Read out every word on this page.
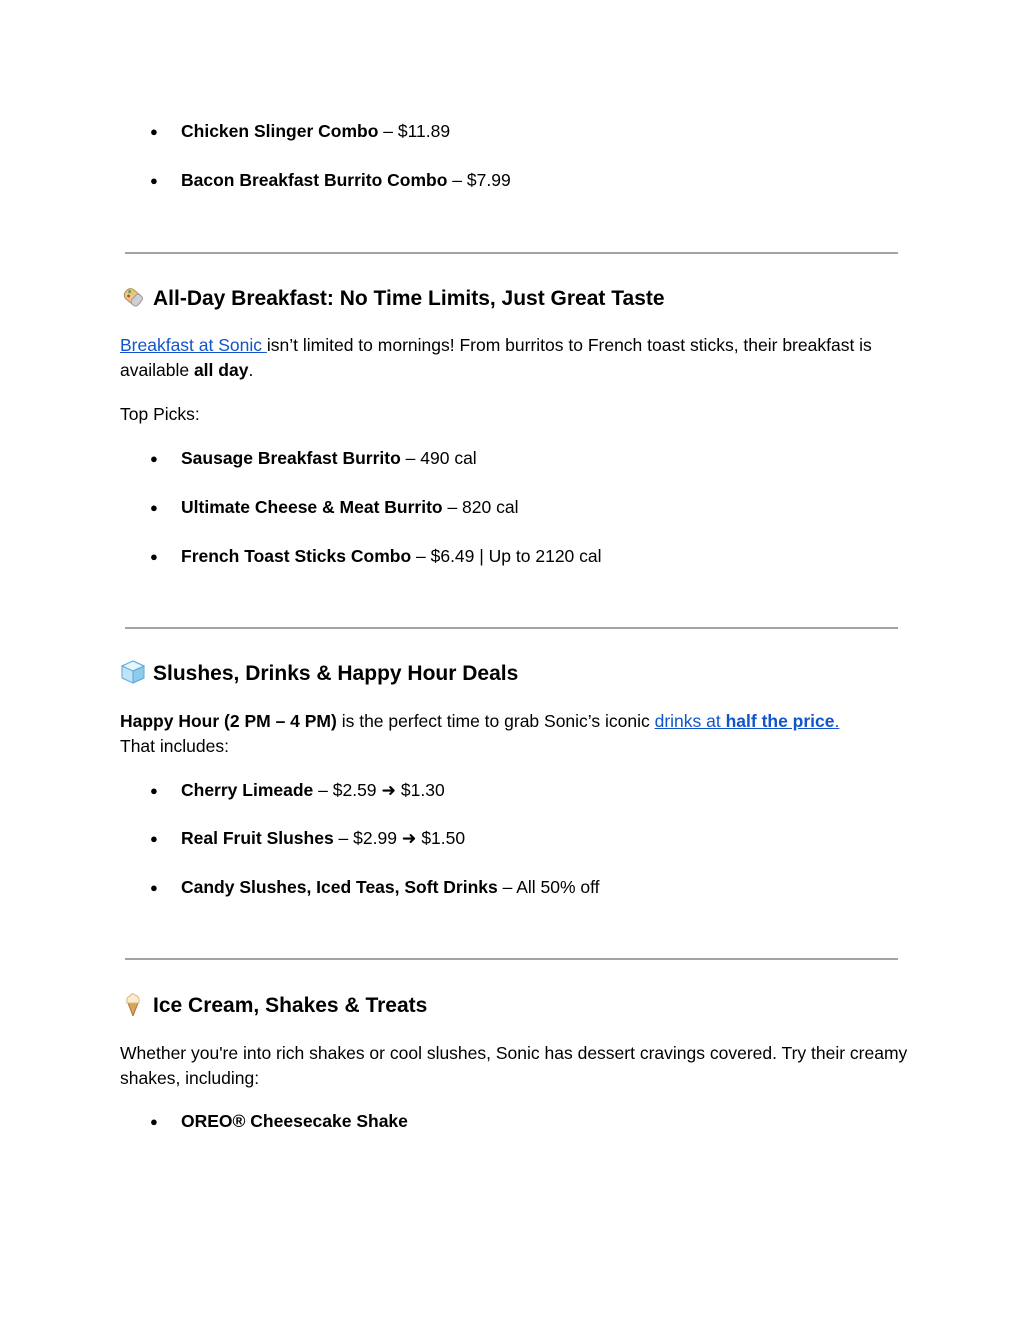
● Chicken Slinger Combo – $11.89
● Bacon Breakfast Burrito Combo – $7.99
All-Day Breakfast: No Time Limits, Just Great Taste
Breakfast at Sonic isn’t limited to mornings! From burritos to French toast sticks, their breakfast is available all day.
Top Picks:
● Sausage Breakfast Burrito – 490 cal
● Ultimate Cheese & Meat Burrito – 820 cal
● French Toast Sticks Combo – $6.49 | Up to 2120 cal
Slushes, Drinks & Happy Hour Deals
Happy Hour (2 PM – 4 PM) is the perfect time to grab Sonic’s iconic drinks at half the price.
That includes:
● Cherry Limeade – $2.59 ➜ $1.30
● Real Fruit Slushes – $2.99 ➜ $1.50
● Candy Slushes, Iced Teas, Soft Drinks – All 50% off
Ice Cream, Shakes & Treats
Whether you're into rich shakes or cool slushes, Sonic has dessert cravings covered. Try their creamy shakes, including:
● OREO® Cheesecake Shake
